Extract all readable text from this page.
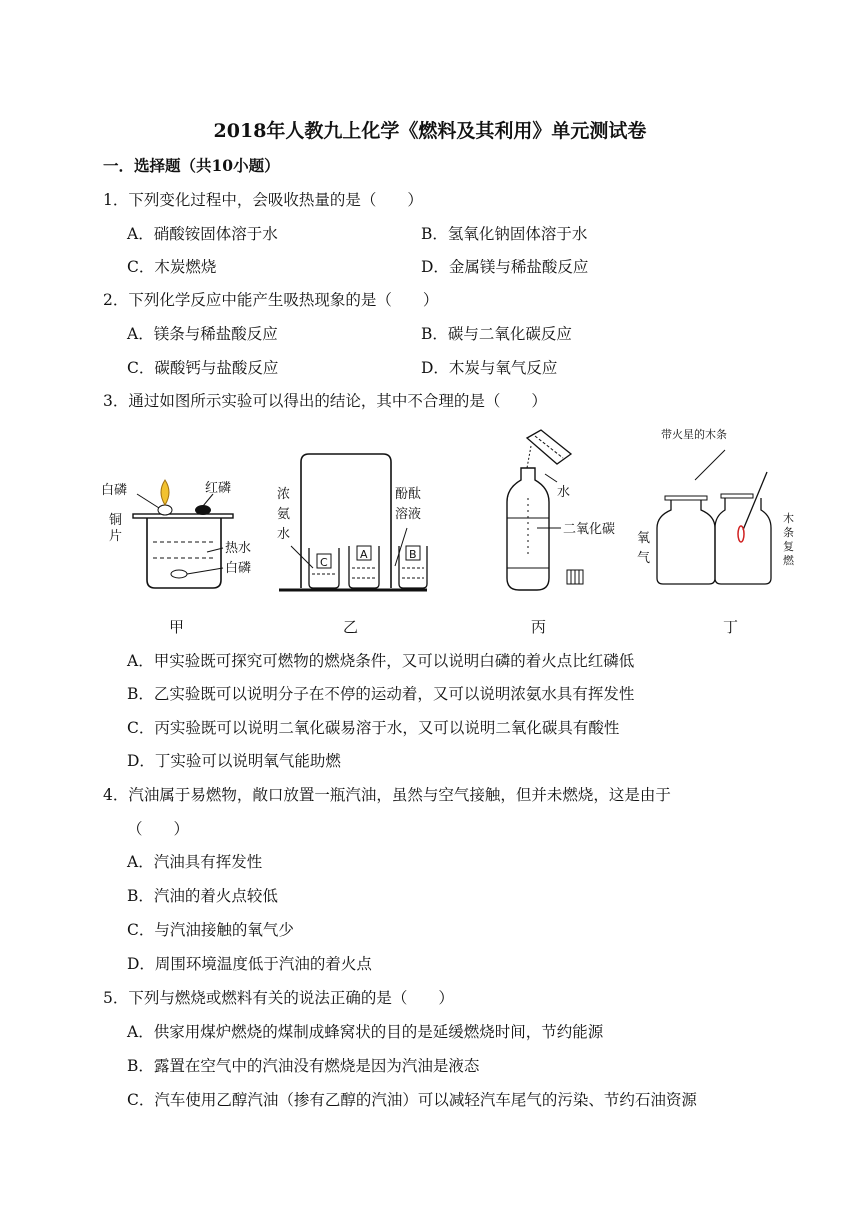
2018年人教九上化学《燃料及其利用》单元测试卷
一．选择题（共10小题）
1．下列变化过程中，会吸收热量的是（　　）
A．硝酸铵固体溶于水	B．氢氧化钠固体溶于水
C．木炭燃烧	D．金属镁与稀盐酸反应
2．下列化学反应中能产生吸热现象的是（　　）
A．镁条与稀盐酸反应	B．碳与二氧化碳反应
C．碳酸钙与盐酸反应	D．木炭与氧气反应
3．通过如图所示实验可以得出的结论，其中不合理的是（　　）
白磷	红磷
铜
片
热水
白磷
甲
C
A	B
浓
氨
水
酚酞
溶液
乙
水
二氧化碳
丙
带火星的木条
氧
气
木
条
复
燃
丁
A．甲实验既可探究可燃物的燃烧条件，又可以说明白磷的着火点比红磷低
B．乙实验既可以说明分子在不停的运动着，又可以说明浓氨水具有挥发性
C．丙实验既可以说明二氧化碳易溶于水，又可以说明二氧化碳具有酸性
D．丁实验可以说明氧气能助燃
4．汽油属于易燃物，敞口放置一瓶汽油，虽然与空气接触，但并未燃烧，这是由于
（　　）
A．汽油具有挥发性
B．汽油的着火点较低
C．与汽油接触的氧气少
D．周围环境温度低于汽油的着火点
5．下列与燃烧或燃料有关的说法正确的是（　　）
A．供家用煤炉燃烧的煤制成蜂窝状的目的是延缓燃烧时间，节约能源
B．露置在空气中的汽油没有燃烧是因为汽油是液态
C．汽车使用乙醇汽油（掺有乙醇的汽油）可以减轻汽车尾气的污染、节约石油资源
